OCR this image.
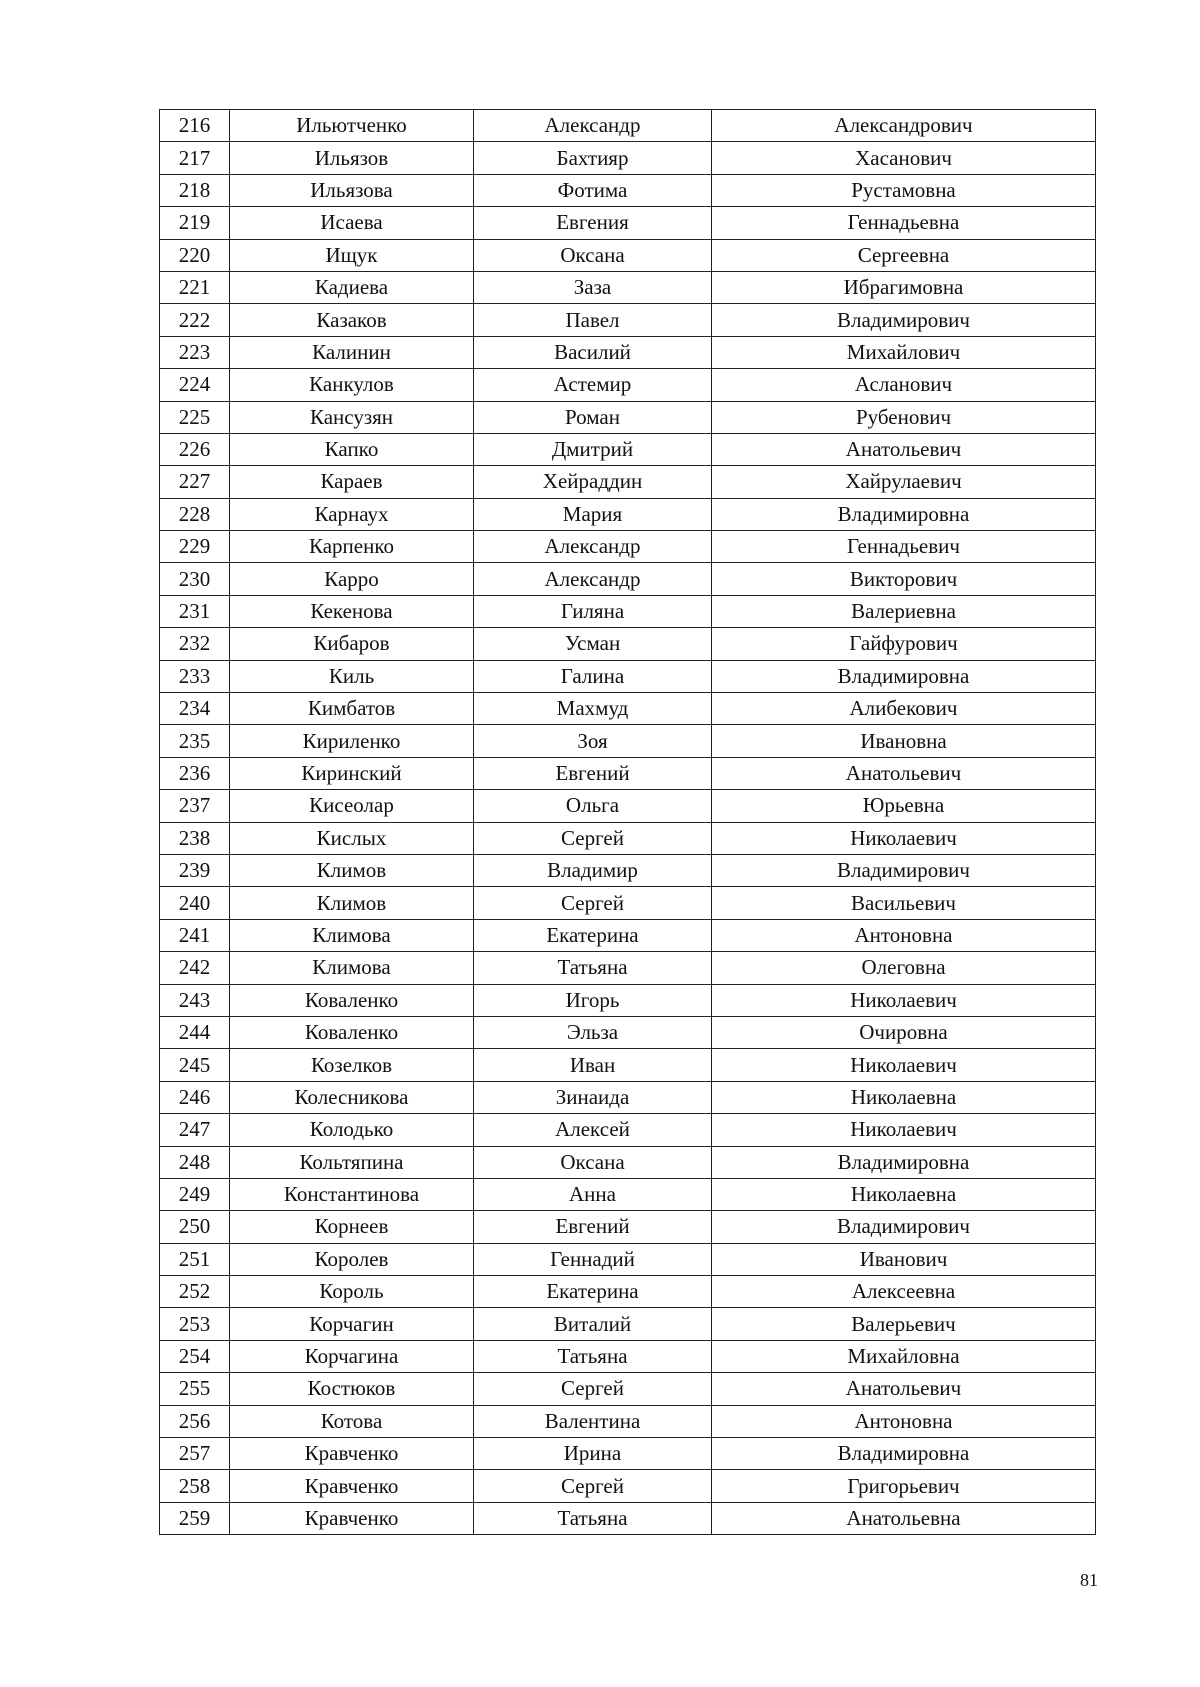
216	Ильютченко	Александр	Александрович
217	Ильязов	Бахтияр	Хасанович
218	Ильязова	Фотима	Рустамовна
219	Исаева	Евгения	Геннадьевна
220	Ищук	Оксана	Сергеевна
221	Кадиева	Заза	Ибрагимовна
222	Казаков	Павел	Владимирович
223	Калинин	Василий	Михайлович
224	Канкулов	Астемир	Асланович
225	Кансузян	Роман	Рубенович
226	Капко	Дмитрий	Анатольевич
227	Караев	Хейраддин	Хайрулаевич
228	Карнаух	Мария	Владимировна
229	Карпенко	Александр	Геннадьевич
230	Карро	Александр	Викторович
231	Кекенова	Гиляна	Валериевна
232	Кибаров	Усман	Гайфурович
233	Киль	Галина	Владимировна
234	Кимбатов	Махмуд	Алибекович
235	Кириленко	Зоя	Ивановна
236	Киринский	Евгений	Анатольевич
237	Кисеолар	Ольга	Юрьевна
238	Кислых	Сергей	Николаевич
239	Климов	Владимир	Владимирович
240	Климов	Сергей	Васильевич
241	Климова	Екатерина	Антоновна
242	Климова	Татьяна	Олеговна
243	Коваленко	Игорь	Николаевич
244	Коваленко	Эльза	Очировна
245	Козелков	Иван	Николаевич
246	Колесникова	Зинаида	Николаевна
247	Колодько	Алексей	Николаевич
248	Кольтяпина	Оксана	Владимировна
249	Константинова	Анна	Николаевна
250	Корнеев	Евгений	Владимирович
251	Королев	Геннадий	Иванович
252	Король	Екатерина	Алексеевна
253	Корчагин	Виталий	Валерьевич
254	Корчагина	Татьяна	Михайловна
255	Костюков	Сергей	Анатольевич
256	Котова	Валентина	Антоновна
257	Кравченко	Ирина	Владимировна
258	Кравченко	Сергей	Григорьевич
259	Кравченко	Татьяна	Анатольевна
81
